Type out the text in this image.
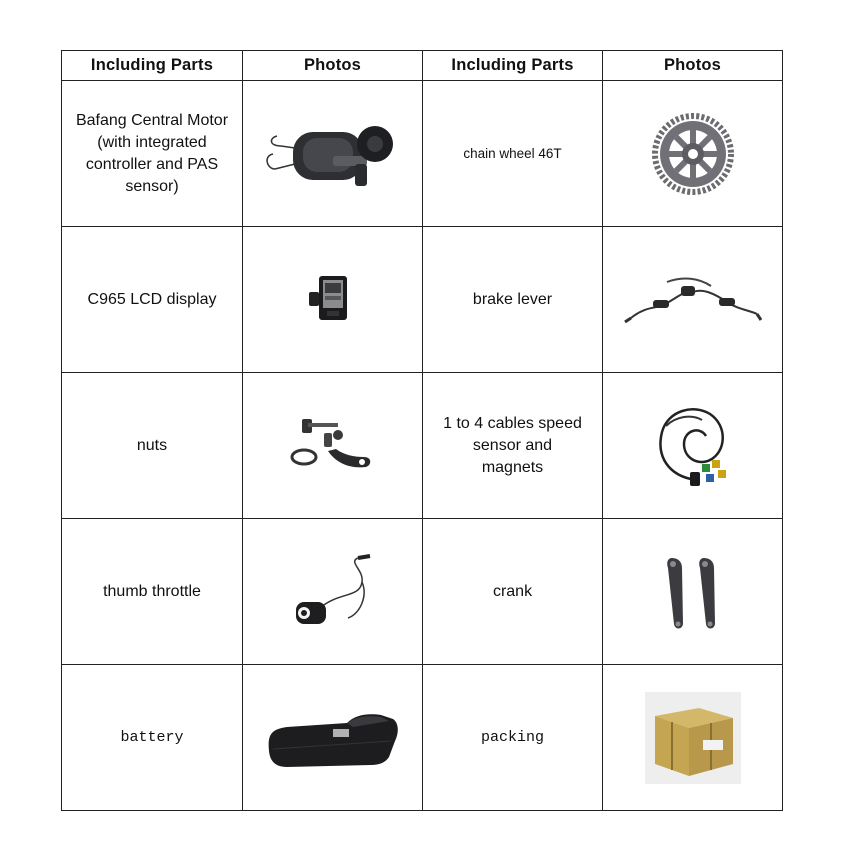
Including Parts	Photos	Including Parts	Photos
Bafang Central Motor (with integrated controller and PAS sensor)		chain wheel 46T	

C965 LCD display		brake lever	

nuts		1 to 4 cables speed sensor and magnets	

thumb throttle		crank	

battery		packing	
